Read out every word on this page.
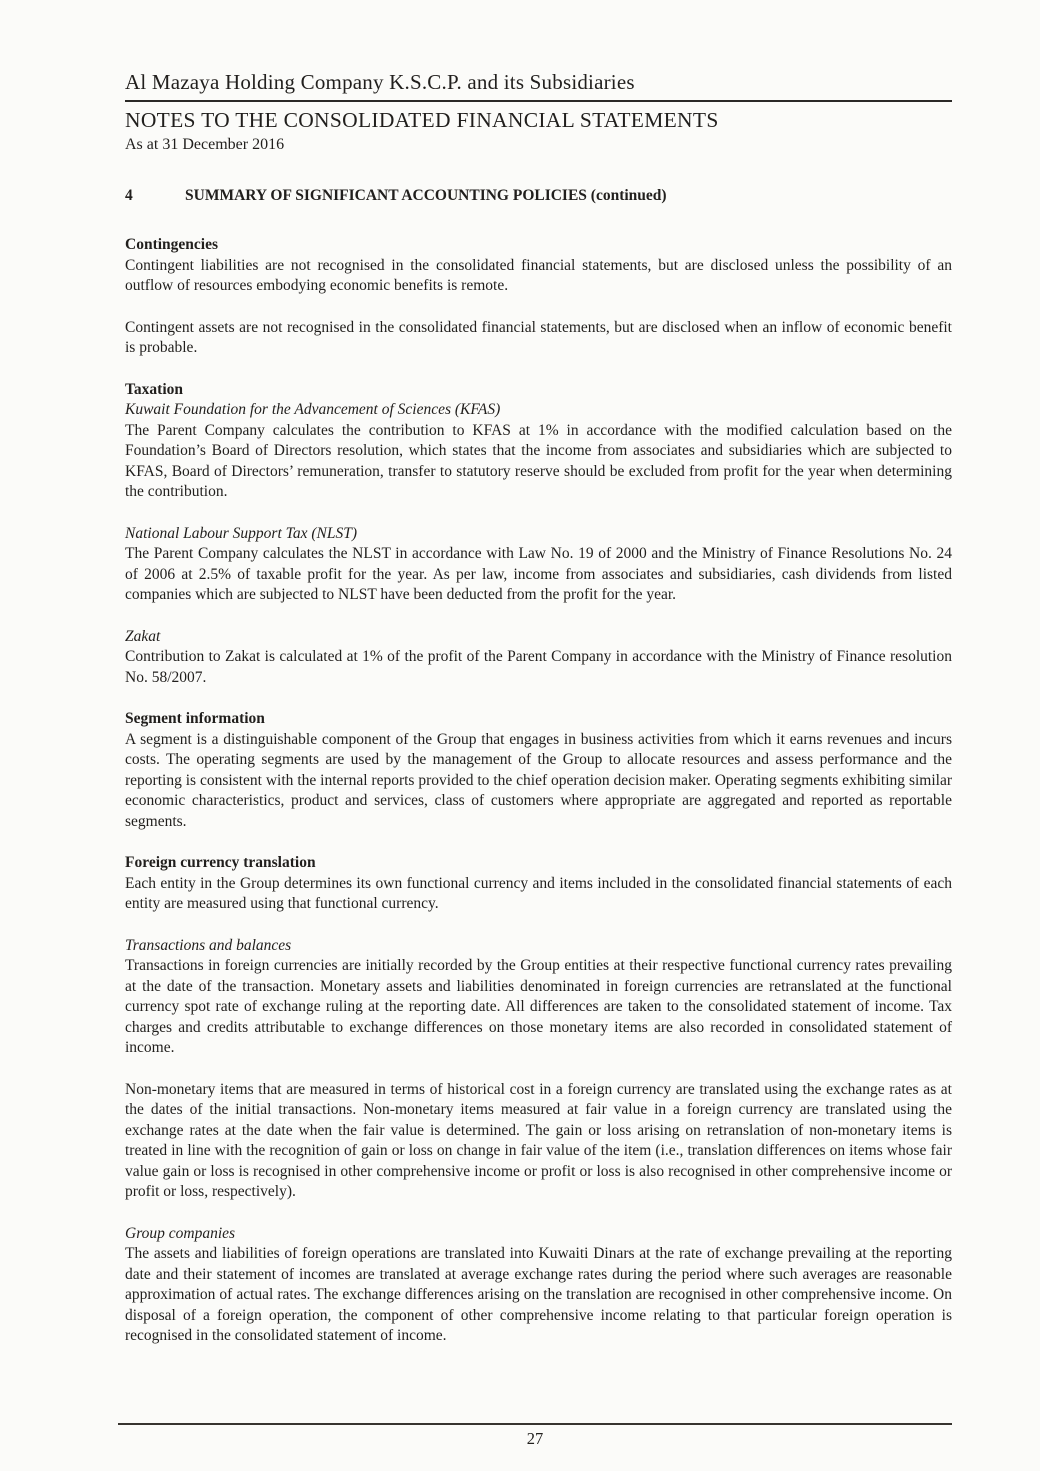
Al Mazaya Holding Company K.S.C.P. and its Subsidiaries
NOTES TO THE CONSOLIDATED FINANCIAL STATEMENTS
As at 31 December 2016
4	SUMMARY OF SIGNIFICANT ACCOUNTING POLICIES (continued)
Contingencies

Contingent liabilities are not recognised in the consolidated financial statements, but are disclosed unless the possibility of an outflow of resources embodying economic benefits is remote.

Contingent assets are not recognised in the consolidated financial statements, but are disclosed when an inflow of economic benefit is probable.

Taxation
Kuwait Foundation for the Advancement of Sciences (KFAS)

The Parent Company calculates the contribution to KFAS at 1% in accordance with the modified calculation based on the Foundation’s Board of Directors resolution, which states that the income from associates and subsidiaries which are subjected to KFAS, Board of Directors’ remuneration, transfer to statutory reserve should be excluded from profit for the year when determining the contribution.

National Labour Support Tax (NLST)

The Parent Company calculates the NLST in accordance with Law No. 19 of 2000 and the Ministry of Finance Resolutions No. 24 of 2006 at 2.5% of taxable profit for the year. As per law, income from associates and subsidiaries, cash dividends from listed companies which are subjected to NLST have been deducted from the profit for the year.

Zakat

Contribution to Zakat is calculated at 1% of the profit of the Parent Company in accordance with the Ministry of Finance resolution No. 58/2007.

Segment information

A segment is a distinguishable component of the Group that engages in business activities from which it earns revenues and incurs costs. The operating segments are used by the management of the Group to allocate resources and assess performance and the reporting is consistent with the internal reports provided to the chief operation decision maker. Operating segments exhibiting similar economic characteristics, product and services, class of customers where appropriate are aggregated and reported as reportable segments.

Foreign currency translation

Each entity in the Group determines its own functional currency and items included in the consolidated financial statements of each entity are measured using that functional currency.

Transactions and balances

Transactions in foreign currencies are initially recorded by the Group entities at their respective functional currency rates prevailing at the date of the transaction. Monetary assets and liabilities denominated in foreign currencies are retranslated at the functional currency spot rate of exchange ruling at the reporting date. All differences are taken to the consolidated statement of income. Tax charges and credits attributable to exchange differences on those monetary items are also recorded in consolidated statement of income.

Non-monetary items that are measured in terms of historical cost in a foreign currency are translated using the exchange rates as at the dates of the initial transactions. Non-monetary items measured at fair value in a foreign currency are translated using the exchange rates at the date when the fair value is determined. The gain or loss arising on retranslation of non-monetary items is treated in line with the recognition of gain or loss on change in fair value of the item (i.e., translation differences on items whose fair value gain or loss is recognised in other comprehensive income or profit or loss is also recognised in other comprehensive income or profit or loss, respectively).

Group companies

The assets and liabilities of foreign operations are translated into Kuwaiti Dinars at the rate of exchange prevailing at the reporting date and their statement of incomes are translated at average exchange rates during the period where such averages are reasonable approximation of actual rates. The exchange differences arising on the translation are recognised in other comprehensive income. On disposal of a foreign operation, the component of other comprehensive income relating to that particular foreign operation is recognised in the consolidated statement of income.

27
